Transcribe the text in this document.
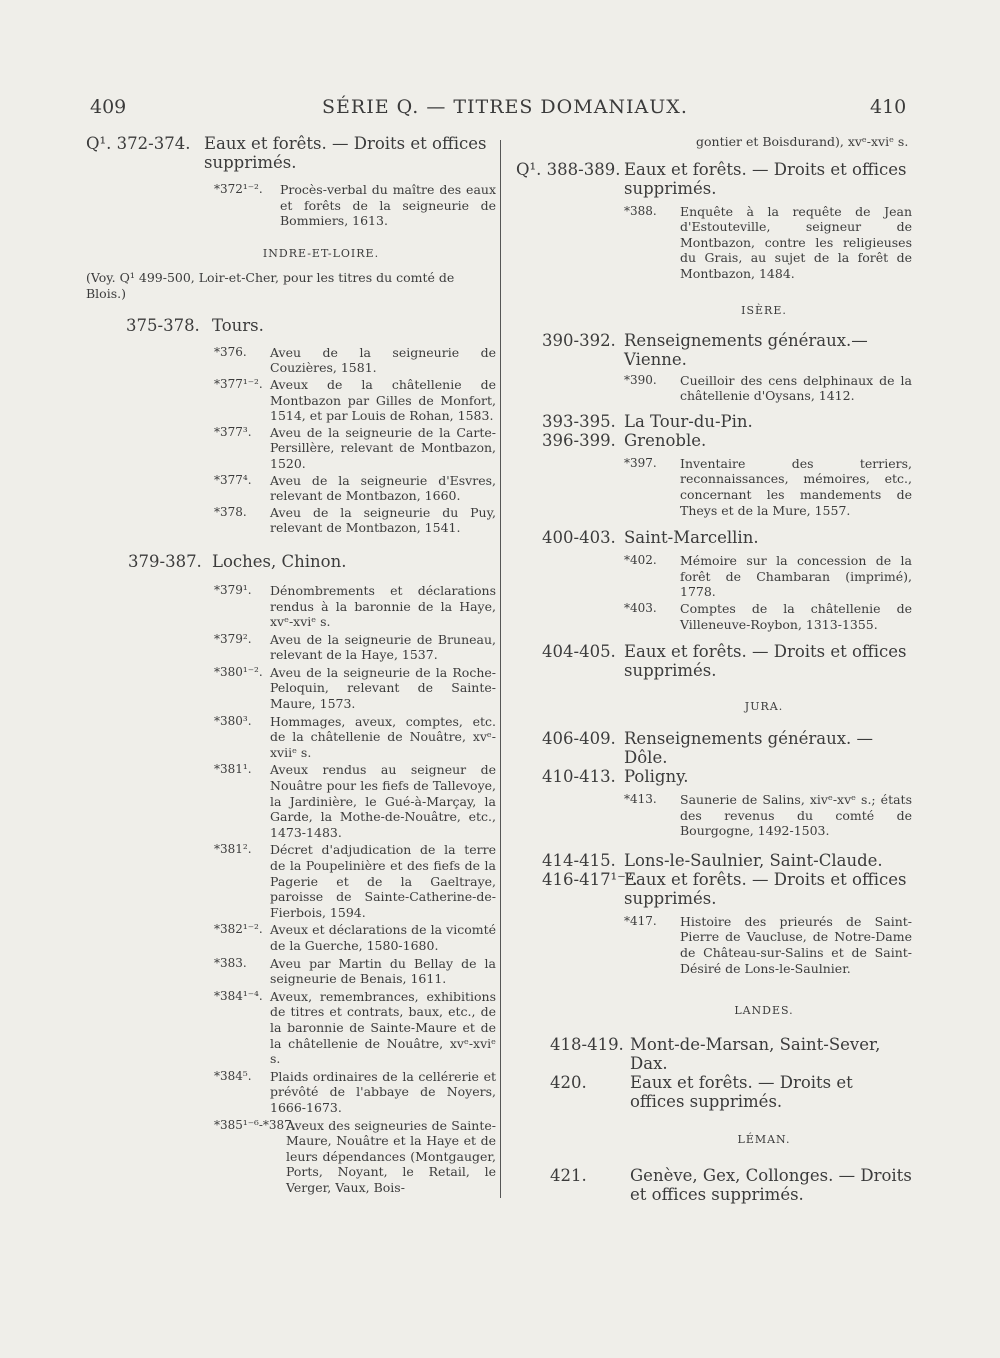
409	SÉRIE Q. — TITRES DOMANIAUX.	410
Q¹. 372-374. Eaux et forêts. — Droits et offices supprimés.
*372¹⁻².	Procès-verbal du maître des eaux et forêts de la seigneurie de Bommiers, 1613.
INDRE-ET-LOIRE.
(Voy. Q¹ 499-500, Loir-et-Cher, pour les titres du comté de Blois.)
375-378. Tours.
*376.	Aveu de la seigneurie de Couzières, 1581.
*377¹⁻². Aveux de la châtellenie de Montbazon par Gilles de Monfort, 1514, et par Louis de Rohan, 1583.
*377³.	Aveu de la seigneurie de la Carte-Persillère, relevant de Montbazon, 1520.
*377⁴.	Aveu de la seigneurie d'Esvres, relevant de Montbazon, 1660.
*378.	Aveu de la seigneurie du Puy, relevant de Montbazon, 1541.
379-387. Loches, Chinon.
*379¹.	Dénombrements et déclarations rendus à la baronnie de la Haye, xvᵉ-xviᵉ s.
*379².	Aveu de la seigneurie de Bruneau, relevant de la Haye, 1537.
*380¹⁻². Aveu de la seigneurie de la Roche-Peloquin, relevant de Sainte-Maure, 1573.
*380³.	Hommages, aveux, comptes, etc. de la châtellenie de Nouâtre, xvᵉ-xviiᵉ s.
*381¹.	Aveux rendus au seigneur de Nouâtre pour les fiefs de Tallevoye, la Jardinière, le Gué-à-Marçay, la Garde, la Mothe-de-Nouâtre, etc., 1473-1483.
*381².	Décret d'adjudication de la terre de la Poupelinière et des fiefs de la Pagerie et de la Gaeltraye, paroisse de Sainte-Catherine-de-Fierbois, 1594.
*382¹⁻². Aveux et déclarations de la vicomté de la Guerche, 1580-1680.
*383.	Aveu par Martin du Bellay de la seigneurie de Benais, 1611.
*384¹⁻⁴. Aveux, remembrances, exhibitions de titres et contrats, baux, etc., de la baronnie de Sainte-Maure et de la châtellenie de Nouâtre, xvᵉ-xviᵉ s.
*384⁵.	Plaids ordinaires de la cellérerie et prévôté de l'abbaye de Noyers, 1666-1673.
*385¹⁻⁶-*387.
Aveux des seigneuries de Sainte-Maure, Nouâtre et la Haye et de leurs dépendances (Montgauger, Ports, Noyant, le Retail, le Verger, Vaux, Bois-
gontier et Boisdurand), xvᵉ-xviᵉ s.
Q¹. 388-389. Eaux et forêts. — Droits et offices supprimés.
*388.	Enquête à la requête de Jean d'Estouteville, seigneur de Montbazon, contre les religieuses du Grais, au sujet de la forêt de Montbazon, 1484.
ISÈRE.
390-392. Renseignements généraux.—Vienne.
*390.	Cueilloir des cens delphinaux de la châtellenie d'Oysans, 1412.
393-395. La Tour-du-Pin.
396-399. Grenoble.
*397.	Inventaire des terriers, reconnaissances, mémoires, etc., concernant les mandements de Theys et de la Mure, 1557.
400-403. Saint-Marcellin.
*402.	Mémoire sur la concession de la forêt de Chambaran (imprimé), 1778.
*403.	Comptes de la châtellenie de Villeneuve-Roybon, 1313-1355.
404-405. Eaux et forêts. — Droits et offices supprimés.
JURA.
406-409. Renseignements généraux. — Dôle.
410-413. Poligny.
*413.	Saunerie de Salins, xivᵉ-xvᵉ s.; états des revenus du comté de Bourgogne, 1492-1503.
414-415. Lons-le-Saulnier, Saint-Claude.
416-417¹⁻².
Eaux et forêts. — Droits et offices supprimés.
*417.	Histoire des prieurés de Saint-Pierre de Vaucluse, de Notre-Dame de Château-sur-Salins et de Saint-Désiré de Lons-le-Saulnier.
LANDES.
418-419. Mont-de-Marsan, Saint-Sever, Dax.
420.	Eaux et forêts. — Droits et offices supprimés.
LÉMAN.
421.	Genève, Gex, Collonges. — Droits et offices supprimés.
